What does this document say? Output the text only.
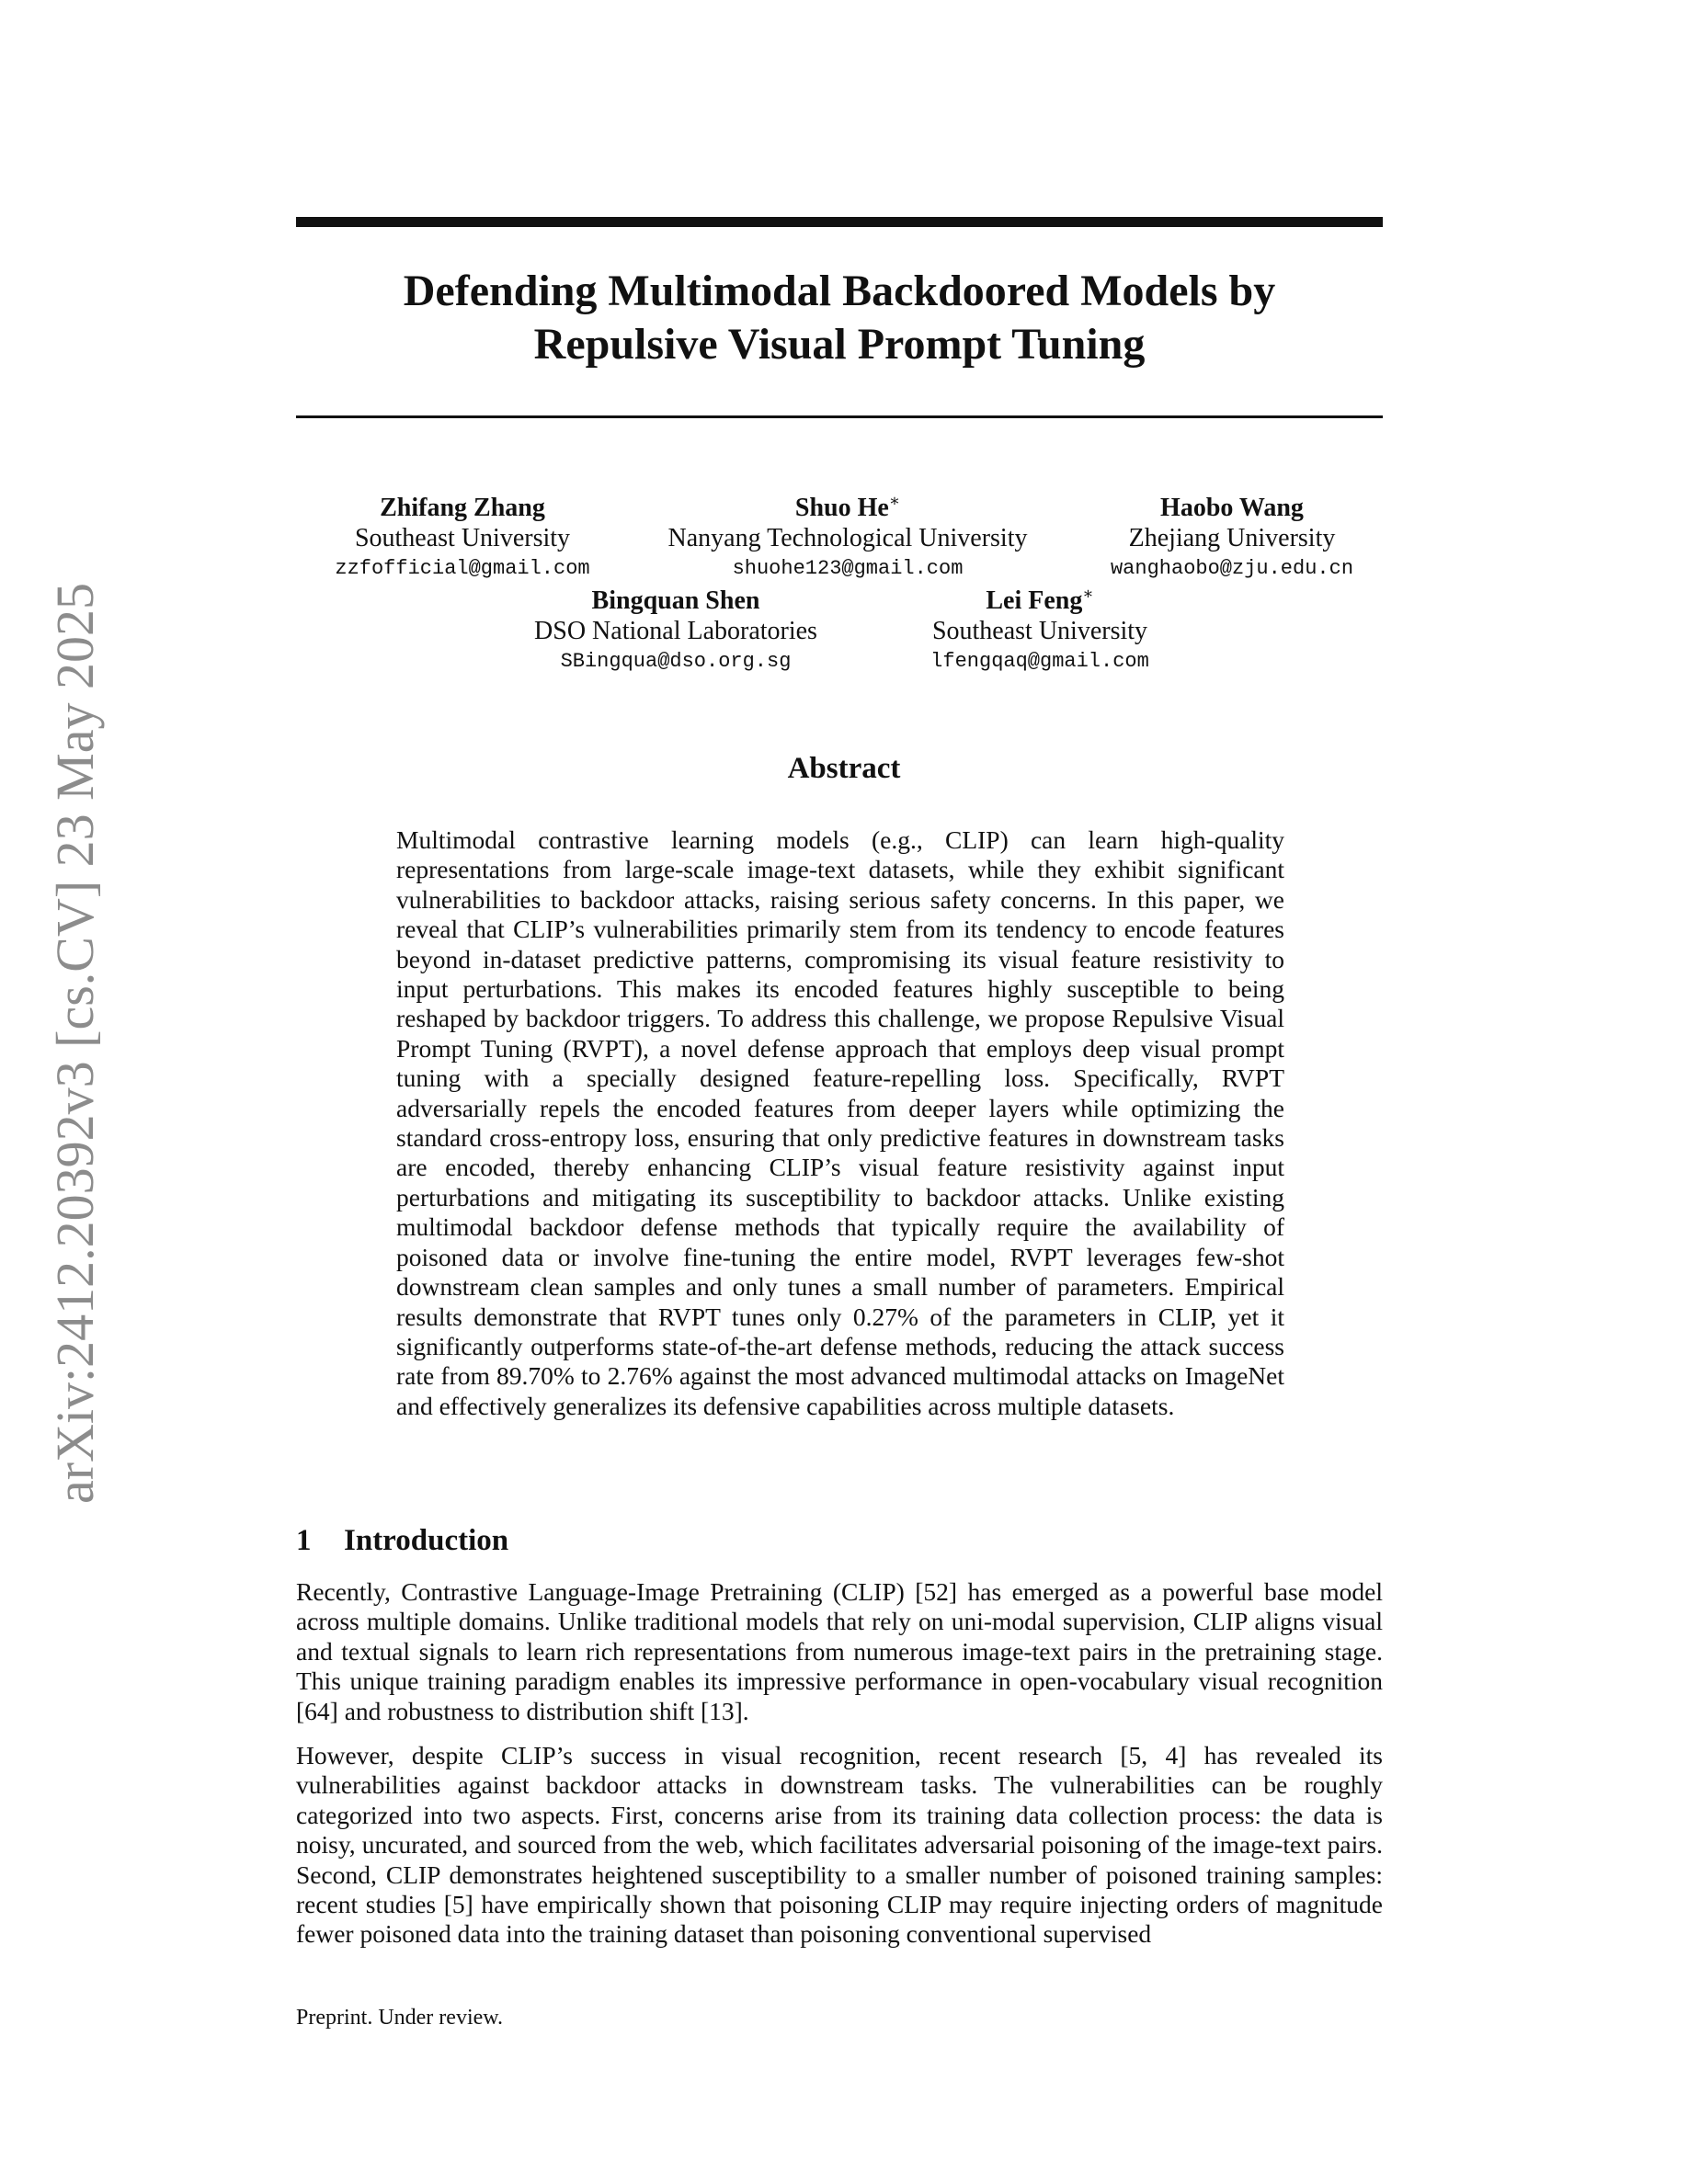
arXiv:2412.20392v3 [cs.CV] 23 May 2025
Defending Multimodal Backdoored Models by
Repulsive Visual Prompt Tuning
Zhifang Zhang
Southeast University
zzfofficial@gmail.com
Shuo He∗
Nanyang Technological University
shuohe123@gmail.com
Haobo Wang
Zhejiang University
wanghaobo@zju.edu.cn
Bingquan Shen
DSO National Laboratories
SBingqua@dso.org.sg
Lei Feng∗
Southeast University
lfengqaq@gmail.com
Abstract

Multimodal contrastive learning models (e.g., CLIP) can learn high-quality representations from large-scale image-text datasets, while they exhibit significant vulnerabilities to backdoor attacks, raising serious safety concerns. In this paper, we reveal that CLIP’s vulnerabilities primarily stem from its tendency to encode features beyond in-dataset predictive patterns, compromising its visual feature resistivity to input perturbations. This makes its encoded features highly susceptible to being reshaped by backdoor triggers. To address this challenge, we propose Repulsive Visual Prompt Tuning (RVPT), a novel defense approach that employs deep visual prompt tuning with a specially designed feature-repelling loss. Specifically, RVPT adversarially repels the encoded features from deeper layers while optimizing the standard cross-entropy loss, ensuring that only predictive features in downstream tasks are encoded, thereby enhancing CLIP’s visual feature resistivity against input perturbations and mitigating its susceptibility to backdoor attacks. Unlike existing multimodal backdoor defense methods that typically require the availability of poisoned data or involve fine-tuning the entire model, RVPT leverages few-shot downstream clean samples and only tunes a small number of parameters. Empirical results demonstrate that RVPT tunes only 0.27% of the parameters in CLIP, yet it significantly outperforms state-of-the-art defense methods, reducing the attack success rate from 89.70% to 2.76% against the most advanced multimodal attacks on ImageNet and effectively generalizes its defensive capabilities across multiple datasets.

1 Introduction

Recently, Contrastive Language-Image Pretraining (CLIP) [52] has emerged as a powerful base model across multiple domains. Unlike traditional models that rely on uni-modal supervision, CLIP aligns visual and textual signals to learn rich representations from numerous image-text pairs in the pretraining stage. This unique training paradigm enables its impressive performance in open-vocabulary visual recognition [64] and robustness to distribution shift [13].

However, despite CLIP’s success in visual recognition, recent research [5, 4] has revealed its vulnerabilities against backdoor attacks in downstream tasks. The vulnerabilities can be roughly categorized into two aspects. First, concerns arise from its training data collection process: the data is noisy, uncurated, and sourced from the web, which facilitates adversarial poisoning of the image-text pairs. Second, CLIP demonstrates heightened susceptibility to a smaller number of poisoned training samples: recent studies [5] have empirically shown that poisoning CLIP may require injecting orders of magnitude fewer poisoned data into the training dataset than poisoning conventional supervised

Preprint. Under review.
